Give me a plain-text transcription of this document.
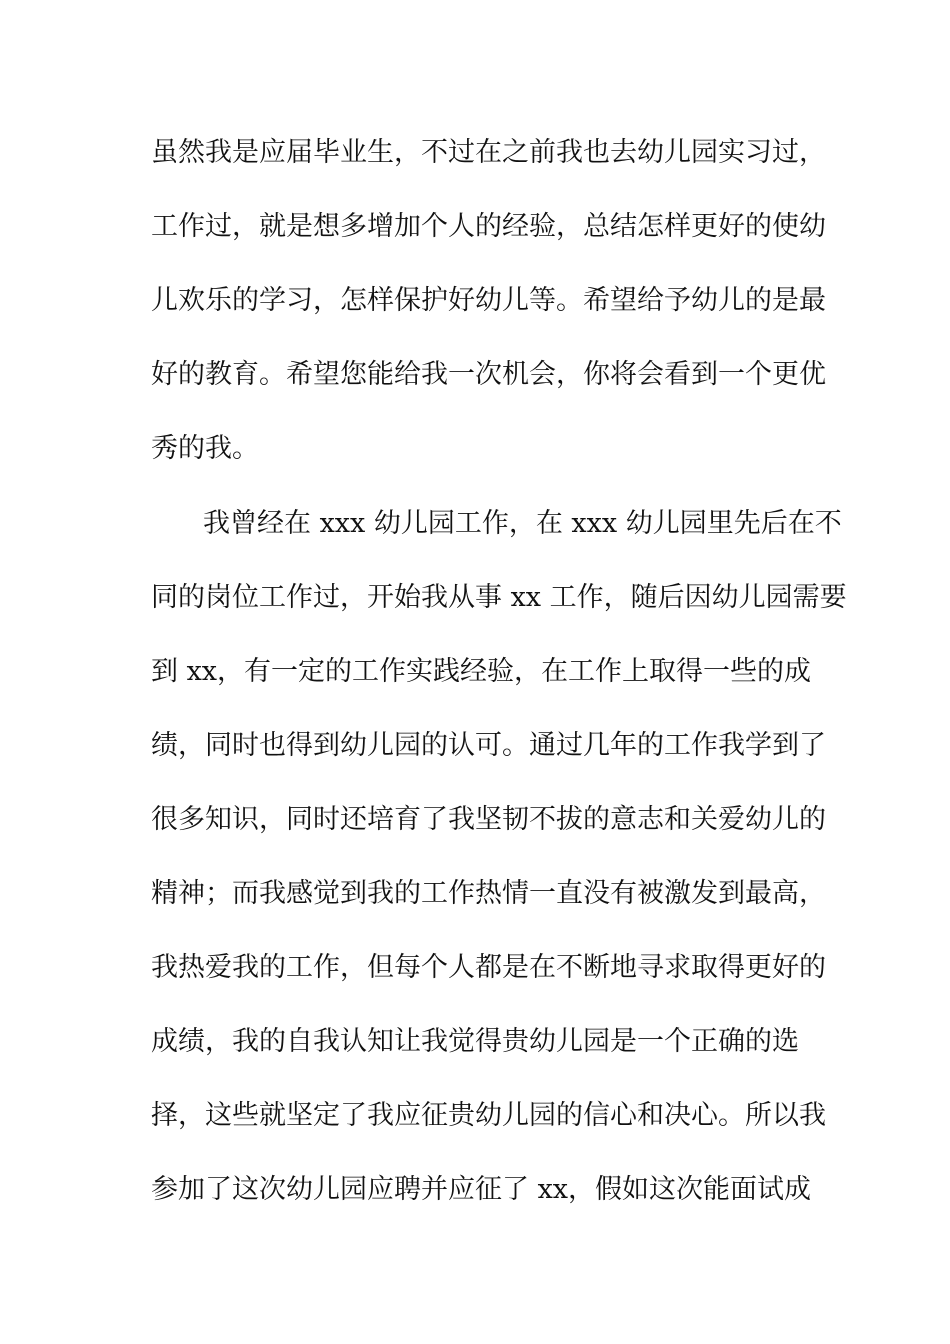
虽然我是应届毕业生，不过在之前我也去幼儿园实习过，
工作过，就是想多增加个人的经验，总结怎样更好的使幼
儿欢乐的学习，怎样保护好幼儿等。希望给予幼儿的是最
好的教育。希望您能给我一次机会，你将会看到一个更优
秀的我。
我曾经在 xxx 幼儿园工作，在 xxx 幼儿园里先后在不
同的岗位工作过，开始我从事 xx 工作，随后因幼儿园需要
到 xx，有一定的工作实践经验，在工作上取得一些的成
绩，同时也得到幼儿园的认可。通过几年的工作我学到了
很多知识，同时还培育了我坚韧不拔的意志和关爱幼儿的
精神；而我感觉到我的工作热情一直没有被激发到最高，
我热爱我的工作，但每个人都是在不断地寻求取得更好的
成绩，我的自我认知让我觉得贵幼儿园是一个正确的选
择，这些就坚定了我应征贵幼儿园的信心和决心。所以我
参加了这次幼儿园应聘并应征了 xx，假如这次能面试成
